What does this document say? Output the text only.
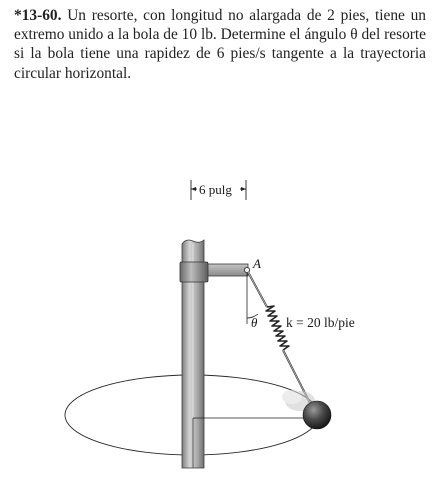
*13-60. Un resorte, con longitud no alargada de 2 pies, tiene un extremo unido a la bola de 10 lb. Determine el ángulo θ del resorte si la bola tiene una rapidez de 6 pies/s tangente a la trayectoria circular horizontal.

6 pulg
A
θ k = 20 lb/pie
